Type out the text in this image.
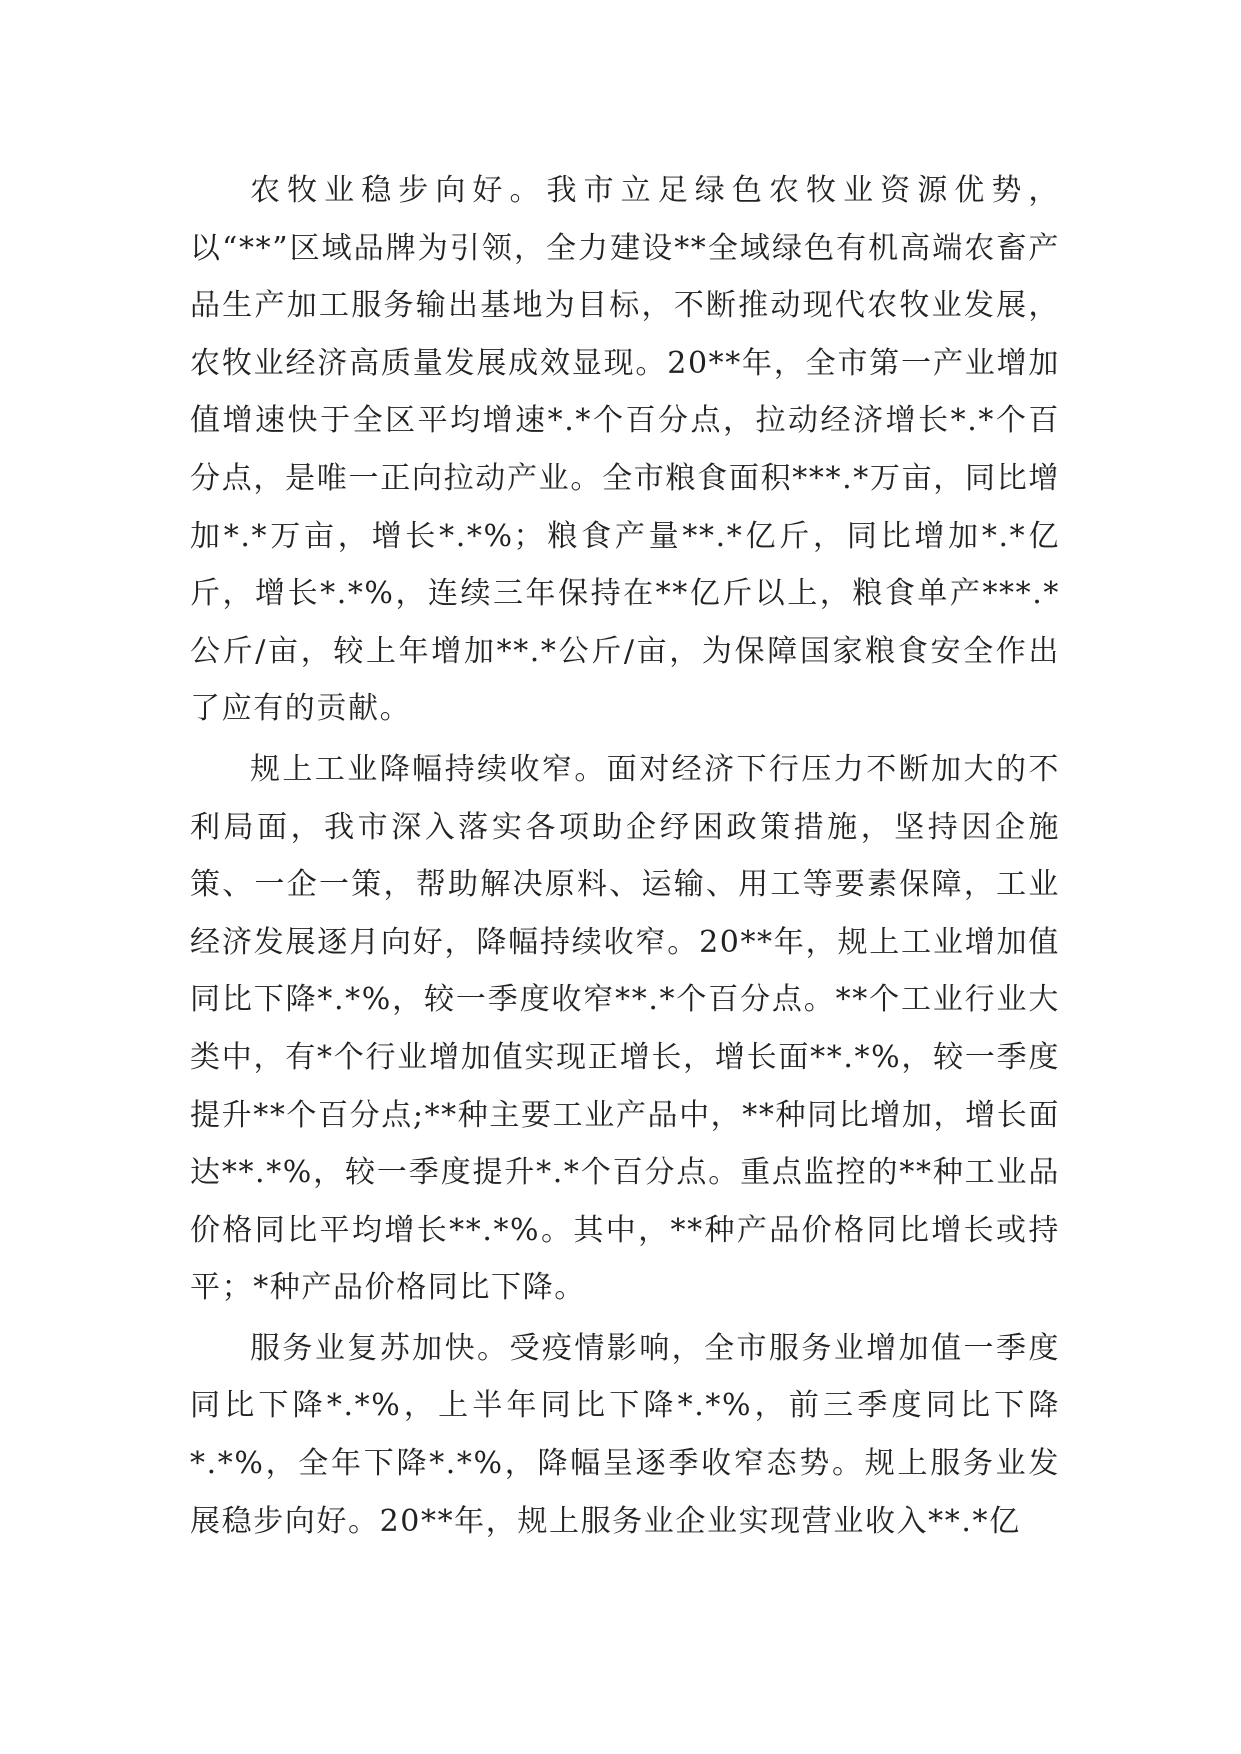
农牧业稳步向好。我市立足绿色农牧业资源优势，以“**”区域品牌为引领，全力建设**全域绿色有机高端农畜产品生产加工服务输出基地为目标，不断推动现代农牧业发展，农牧业经济高质量发展成效显现。20**年，全市第一产业增加值增速快于全区平均增速*.*个百分点，拉动经济增长*.*个百分点，是唯一正向拉动产业。全市粮食面积***.*万亩，同比增加*.*万亩，增长*.*%；粮食产量**.*亿斤，同比增加*.*亿斤，增长*.*%，连续三年保持在**亿斤以上，粮食单产***.*公斤/亩，较上年增加**.*公斤/亩，为保障国家粮食安全作出了应有的贡献。

规上工业降幅持续收窄。面对经济下行压力不断加大的不利局面，我市深入落实各项助企纾困政策措施，坚持因企施策、一企一策，帮助解决原料、运输、用工等要素保障，工业经济发展逐月向好，降幅持续收窄。20**年，规上工业增加值同比下降*.*%，较一季度收窄**.*个百分点。**个工业行业大类中，有*个行业增加值实现正增长，增长面**.*%，较一季度提升**个百分点;**种主要工业产品中，**种同比增加，增长面达**.*%，较一季度提升*.*个百分点。重点监控的**种工业品价格同比平均增长**.*%。其中，**种产品价格同比增长或持平；*种产品价格同比下降。

服务业复苏加快。受疫情影响，全市服务业增加值一季度同比下降*.*%，上半年同比下降*.*%，前三季度同比下降*.*%，全年下降*.*%，降幅呈逐季收窄态势。规上服务业发展稳步向好。20**年，规上服务业企业实现营业收入**.*亿
